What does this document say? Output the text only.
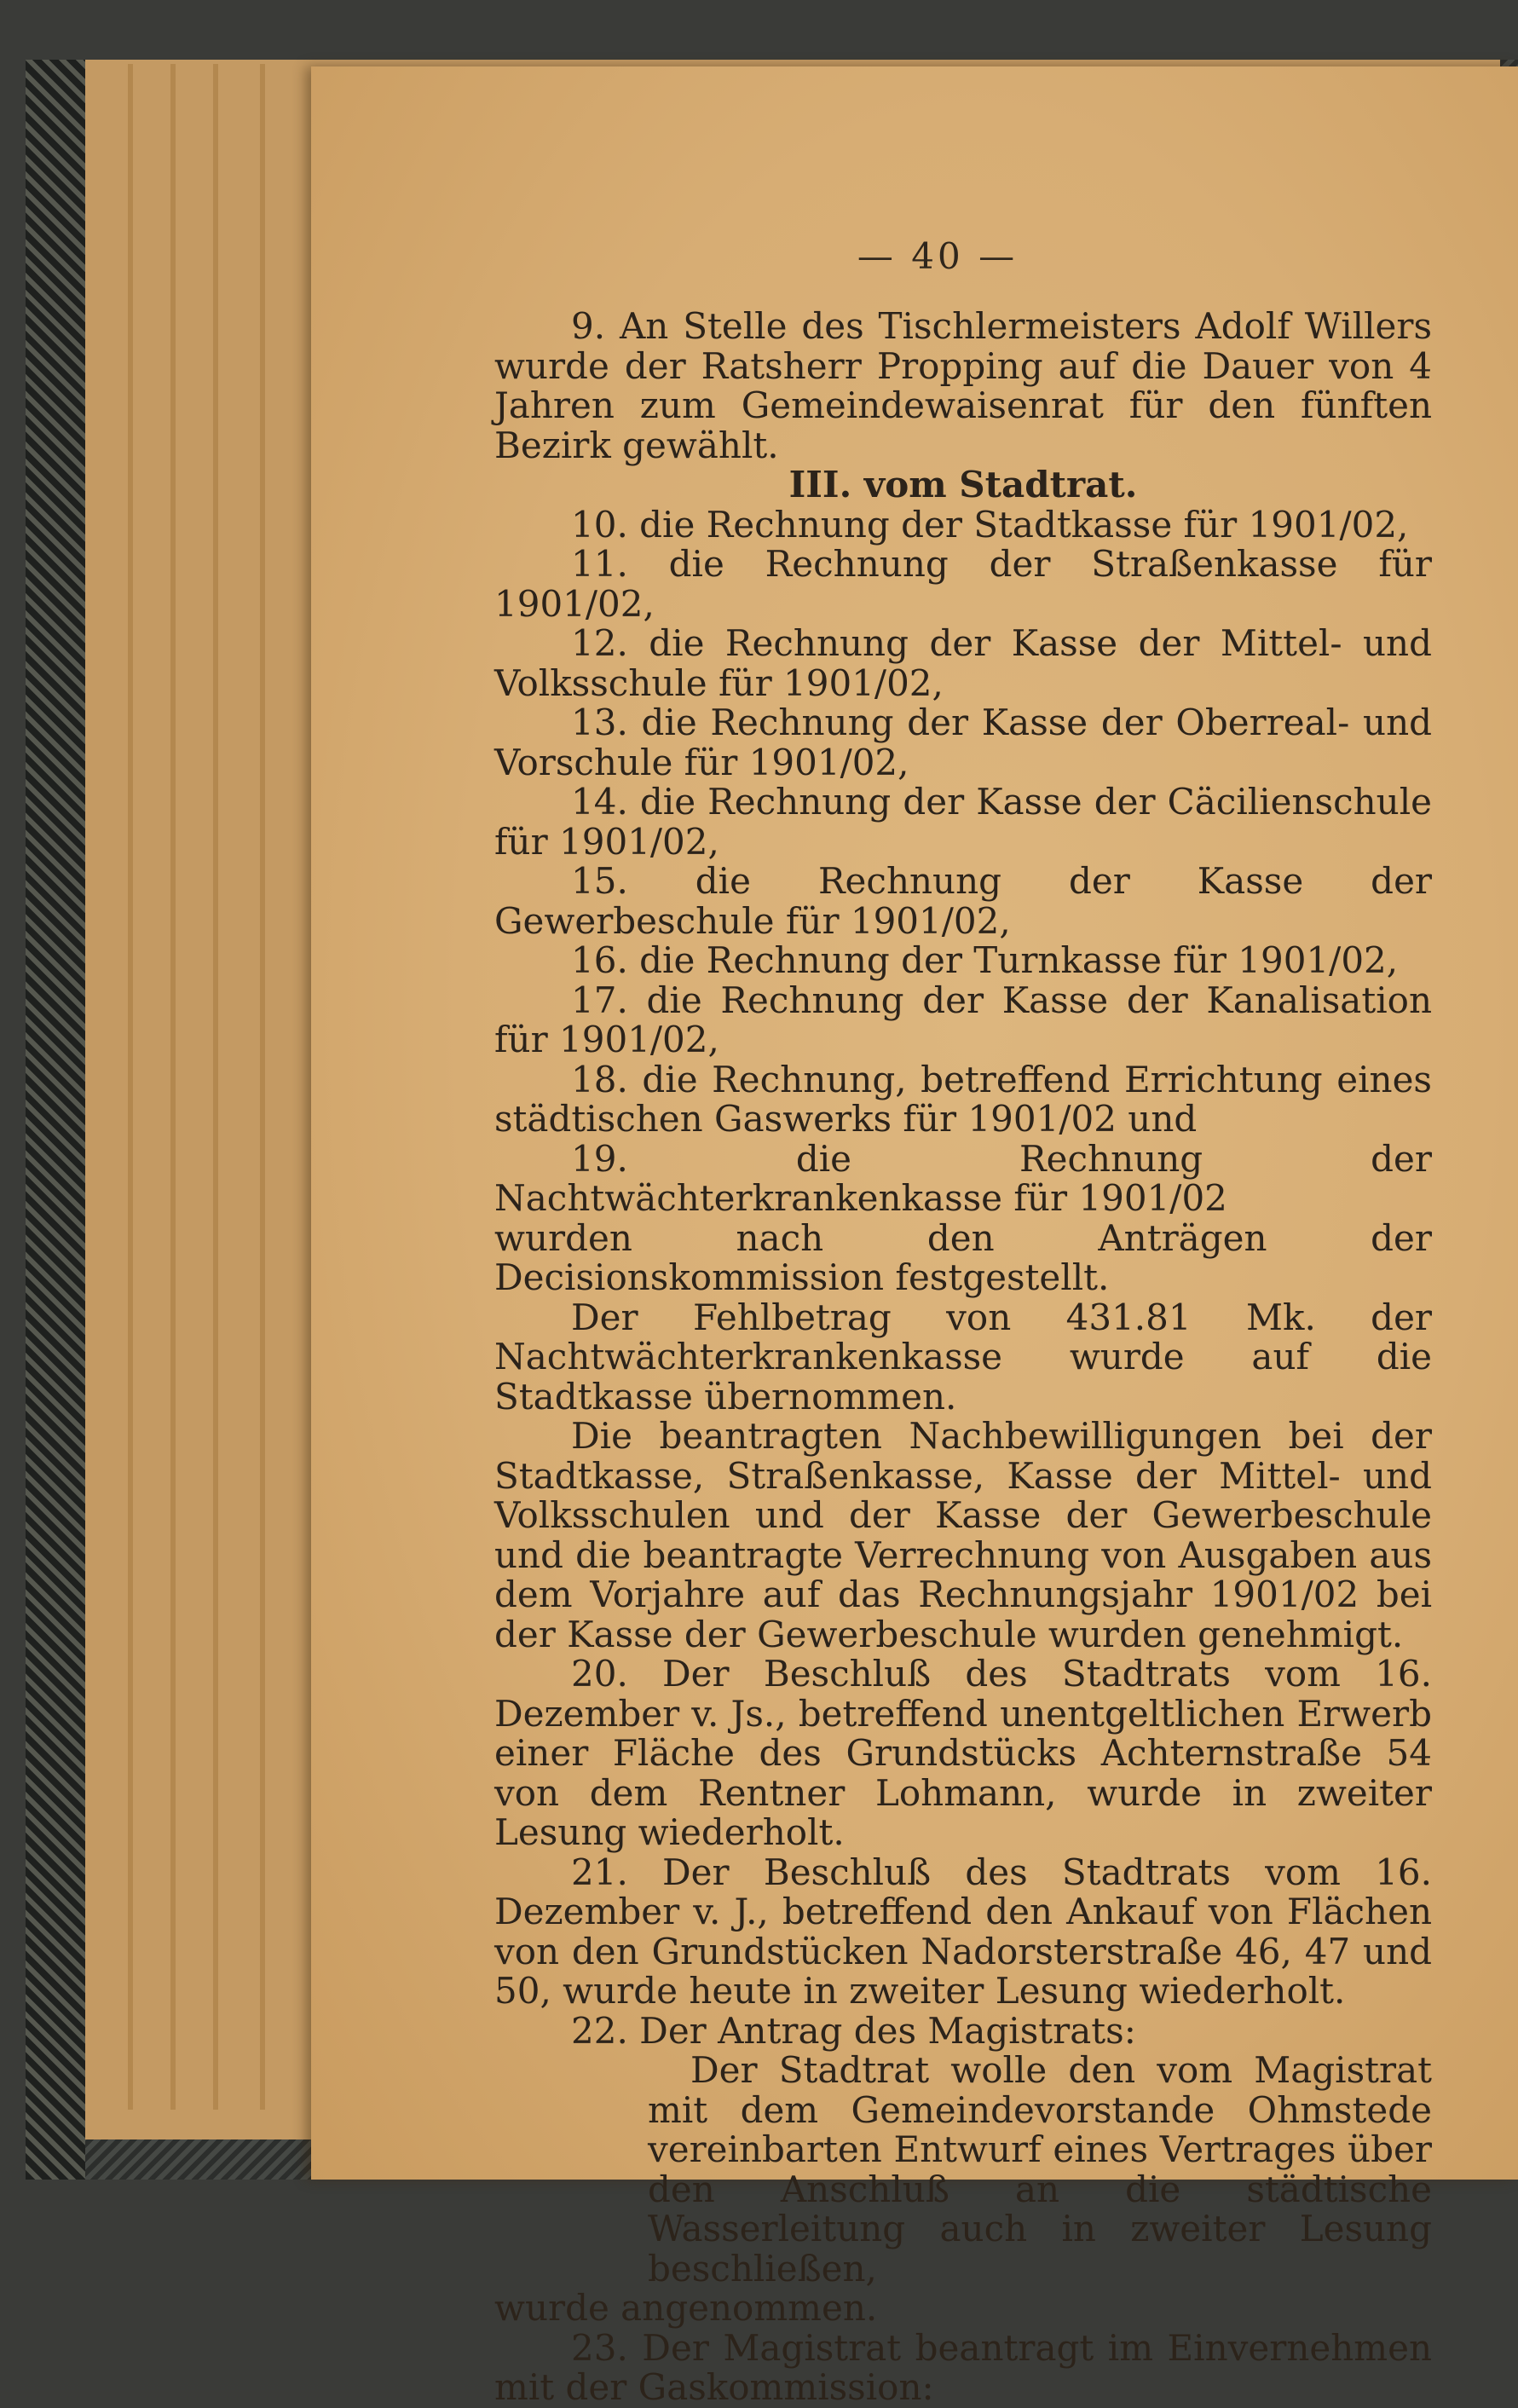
— 40 —

9. An Stelle des Tischlermeisters Adolf Willers wurde der Ratsherr Propping auf die Dauer von 4 Jahren zum Gemeindewaisenrat für den fünften Bezirk gewählt.

III. vom Stadtrat.

10. die Rechnung der Stadtkasse für 1901/02,

11. die Rechnung der Straßenkasse für 1901/02,

12. die Rechnung der Kasse der Mittel- und Volksschule für 1901/02,

13. die Rechnung der Kasse der Oberreal- und Vorschule für 1901/02,

14. die Rechnung der Kasse der Cäcilienschule für 1901/02,

15. die Rechnung der Kasse der Gewerbeschule für 1901/02,

16. die Rechnung der Turnkasse für 1901/02,

17. die Rechnung der Kasse der Kanalisation für 1901/02,

18. die Rechnung, betreffend Errichtung eines städtischen Gaswerks für 1901/02 und

19. die Rechnung der Nachtwächterkrankenkasse für 1901/02

wurden nach den Anträgen der Decisionskommission festgestellt.

Der Fehlbetrag von 431.81 Mk. der Nachtwächterkrankenkasse wurde auf die Stadtkasse übernommen.

Die beantragten Nachbewilligungen bei der Stadtkasse, Straßenkasse, Kasse der Mittel- und Volksschulen und der Kasse der Gewerbeschule und die beantragte Verrechnung von Ausgaben aus dem Vorjahre auf das Rechnungsjahr 1901/02 bei der Kasse der Gewerbeschule wurden genehmigt.

20. Der Beschluß des Stadtrats vom 16. Dezember v. Js., betreffend unentgeltlichen Erwerb einer Fläche des Grundstücks Achternstraße 54 von dem Rentner Lohmann, wurde in zweiter Lesung wiederholt.

21. Der Beschluß des Stadtrats vom 16. Dezember v. J., betreffend den Ankauf von Flächen von den Grundstücken Nadorsterstraße 46, 47 und 50, wurde heute in zweiter Lesung wiederholt.

22. Der Antrag des Magistrats:

Der Stadtrat wolle den vom Magistrat mit dem Gemeindevorstande Ohmstede vereinbarten Entwurf eines Vertrages über den Anschluß an die städtische Wasserleitung auch in zweiter Lesung beschließen,

wurde angenommen.

23. Der Magistrat beantragt im Einvernehmen mit der Gaskommission:
